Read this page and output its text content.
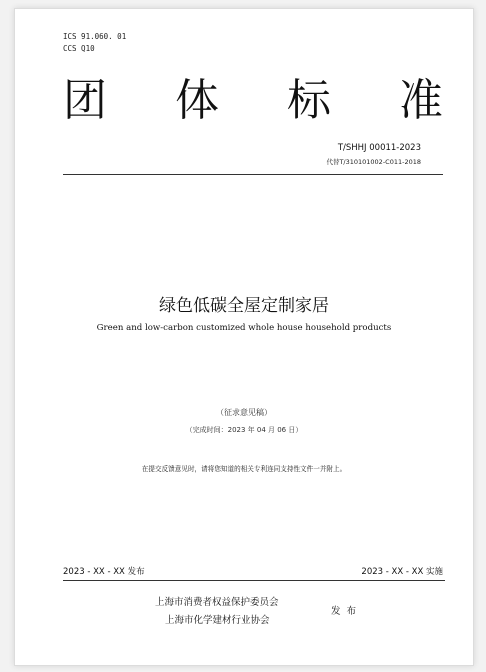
ICS 91.060. 01
CCS Q10
团 体 标 准
T/SHHJ 00011-2023
代替T/310101002-C011-2018
绿色低碳全屋定制家居
Green and low-carbon customized whole house household products
（征求意见稿）
（完成时间：2023 年 04 月 06 日）
在提交反馈意见时，请将您知道的相关专利连同支持性文件一并附上。
2023 - XX - XX 发布	2023 - XX - XX 实施
上海市消费者权益保护委员会
上海市化学建材行业协会
发布
